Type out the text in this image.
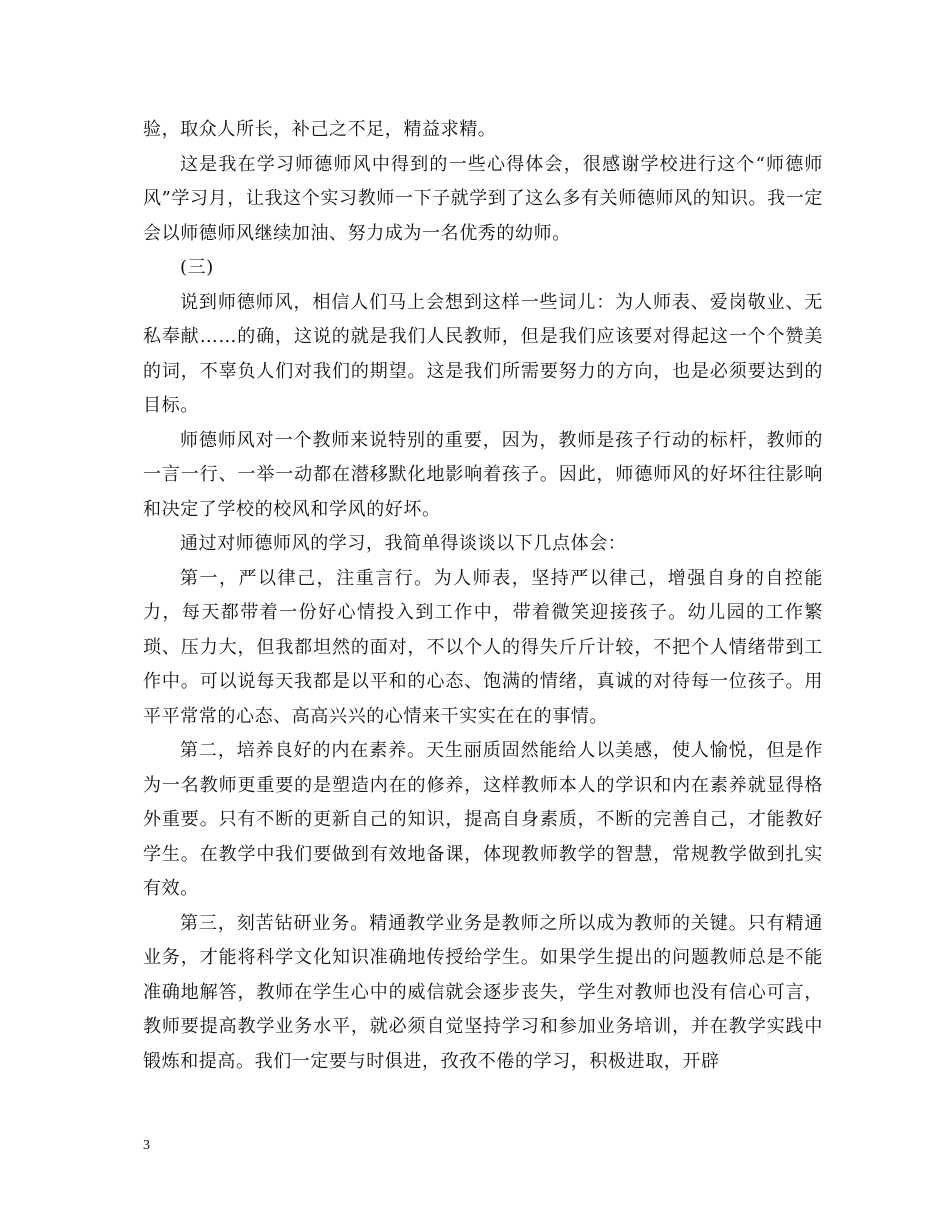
验，取众人所长，补己之不足，精益求精。

这是我在学习师德师风中得到的一些心得体会，很感谢学校进行这个“师德师风”学习月，让我这个实习教师一下子就学到了这么多有关师德师风的知识。我一定会以师德师风继续加油、努力成为一名优秀的幼师。

(三)

说到师德师风，相信人们马上会想到这样一些词儿：为人师表、爱岗敬业、无私奉献……的确，这说的就是我们人民教师，但是我们应该要对得起这一个个赞美的词，不辜负人们对我们的期望。这是我们所需要努力的方向，也是必须要达到的目标。

师德师风对一个教师来说特别的重要，因为，教师是孩子行动的标杆，教师的一言一行、一举一动都在潜移默化地影响着孩子。因此，师德师风的好坏往往影响和决定了学校的校风和学风的好坏。

通过对师德师风的学习，我简单得谈谈以下几点体会：

第一，严以律己，注重言行。为人师表，坚持严以律己，增强自身的自控能力，每天都带着一份好心情投入到工作中，带着微笑迎接孩子。幼儿园的工作繁琐、压力大，但我都坦然的面对，不以个人的得失斤斤计较，不把个人情绪带到工作中。可以说每天我都是以平和的心态、饱满的情绪，真诚的对待每一位孩子。用平平常常的心态、高高兴兴的心情来干实实在在的事情。

第二，培养良好的内在素养。天生丽质固然能给人以美感，使人愉悦，但是作为一名教师更重要的是塑造内在的修养，这样教师本人的学识和内在素养就显得格外重要。只有不断的更新自己的知识，提高自身素质，不断的完善自己，才能教好学生。在教学中我们要做到有效地备课，体现教师教学的智慧，常规教学做到扎实有效。

第三，刻苦钻研业务。精通教学业务是教师之所以成为教师的关键。只有精通业务，才能将科学文化知识准确地传授给学生。如果学生提出的问题教师总是不能准确地解答，教师在学生心中的威信就会逐步丧失，学生对教师也没有信心可言，教师要提高教学业务水平，就必须自觉坚持学习和参加业务培训，并在教学实践中锻炼和提高。我们一定要与时俱进，孜孜不倦的学习，积极进取，开辟

3
